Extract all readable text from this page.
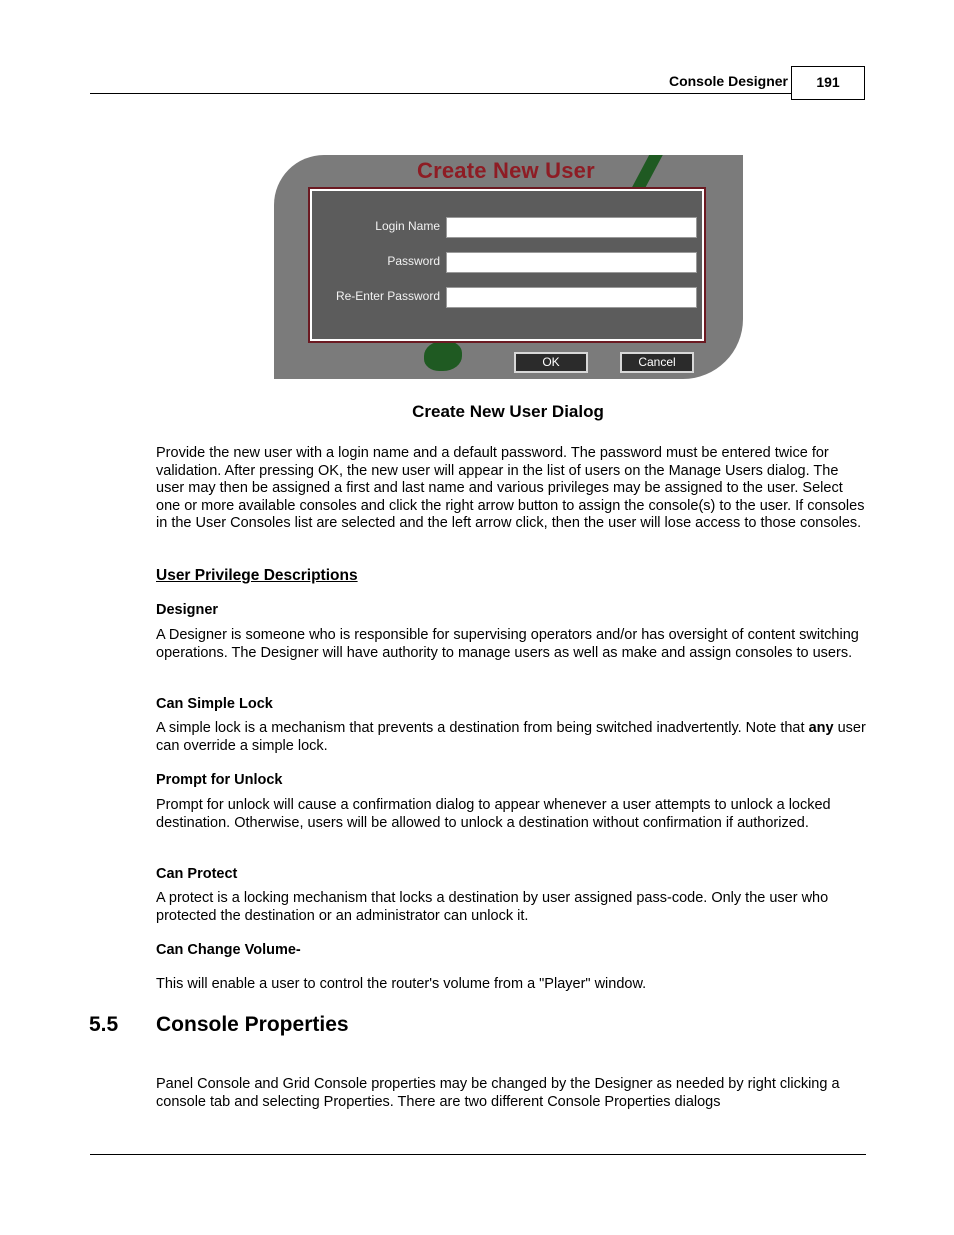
Console Designer	191
Create New User
Login Name
Password
Re-Enter Password
OK	Cancel
Create New User Dialog
Provide the new user with a login name and a default password. The password must be entered twice for validation. After pressing OK, the new user will appear in the list of users on the Manage Users dialog. The user may then be assigned a first and last name and various privileges may be assigned to the user. Select one or more available consoles and click the right arrow button to assign the console(s) to the user. If consoles in the User Consoles list are selected and the left arrow click, then the user will lose access to those consoles.
User Privilege Descriptions
Designer
A Designer is someone who is responsible for supervising operators and/or has oversight of content switching operations. The Designer will have authority to manage users as well as make and assign consoles to users.
Can Simple Lock
A simple lock is a mechanism that prevents a destination from being switched inadvertently. Note that any user can override a simple lock.
Prompt for Unlock
Prompt for unlock will cause a confirmation dialog to appear whenever a user attempts to unlock a locked destination. Otherwise, users will be allowed to unlock a destination without confirmation if authorized.
Can Protect
A protect is a locking mechanism that locks a destination by user assigned pass-code. Only the user who protected the destination or an administrator can unlock it.
Can Change Volume-
This will enable a user to control the router's volume from a "Player" window.
5.5 Console Properties
Panel Console and Grid Console properties may be changed by the Designer as needed by right clicking a console tab and selecting Properties. There are two different Console Properties dialogs
